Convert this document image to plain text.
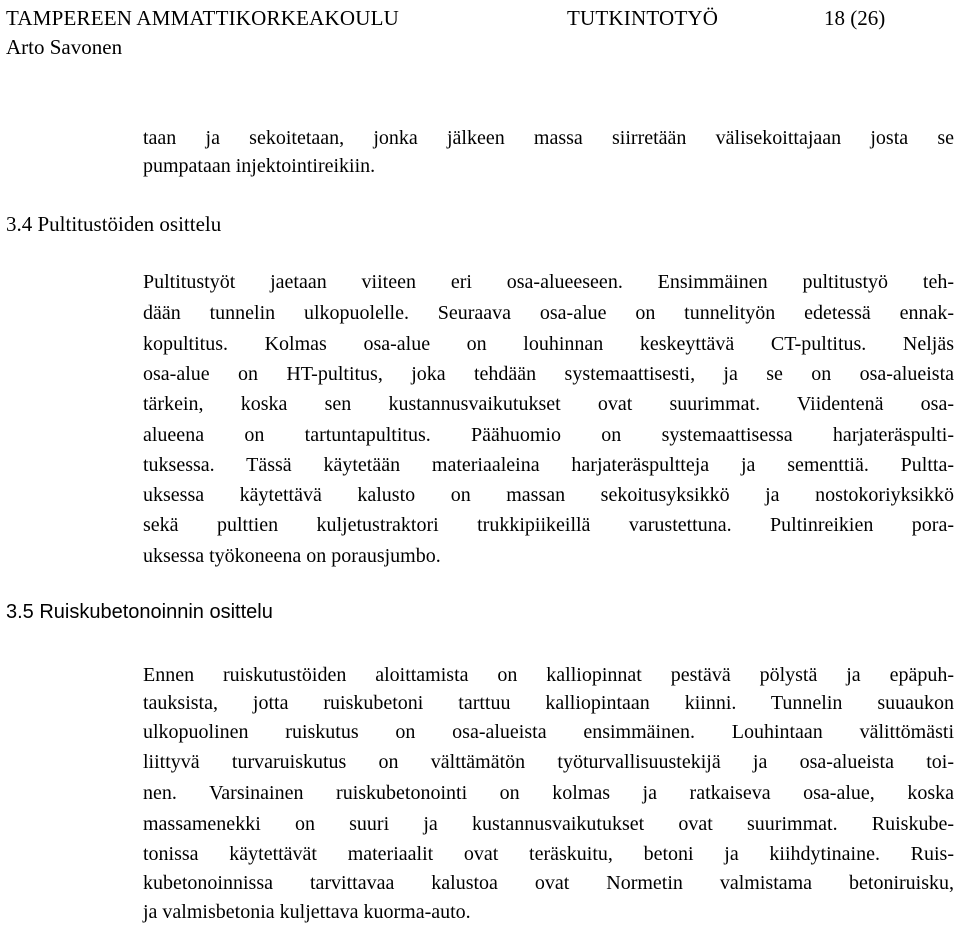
TAMPEREEN AMMATTIKORKEAKOULU	TUTKINTOTYÖ	18 (26)
Arto Savonen
taan ja sekoitetaan, jonka jälkeen massa siirretään välisekoittajaan josta se
pumpataan injektointireikiin.
3.4 Pultitustöiden osittelu
Pultitustyöt jaetaan viiteen eri osa-alueeseen. Ensimmäinen pultitustyö teh-
dään tunnelin ulkopuolelle. Seuraava osa-alue on tunnelityön edetessä ennak-
kopultitus. Kolmas osa-alue on louhinnan keskeyttävä CT-pultitus. Neljäs
osa-alue on HT-pultitus, joka tehdään systemaattisesti, ja se on osa-alueista
tärkein, koska sen kustannusvaikutukset ovat suurimmat. Viidentenä osa-
alueena on tartuntapultitus. Päähuomio on systemaattisessa harjateräspulti-
tuksessa. Tässä käytetään materiaaleina harjateräspultteja ja sementtiä. Pultta-
uksessa käytettävä kalusto on massan sekoitusyksikkö ja nostokoriyksikkö
sekä pulttien kuljetustraktori trukkipiikeillä varustettuna. Pultinreikien pora-
uksessa työkoneena on porausjumbo.
3.5 Ruiskubetonoinnin osittelu
Ennen ruiskutustöiden aloittamista on kalliopinnat pestävä pölystä ja epäpuh-
tauksista, jotta ruiskubetoni tarttuu kalliopintaan kiinni. Tunnelin suuaukon
ulkopuolinen ruiskutus on osa-alueista ensimmäinen. Louhintaan välittömästi
liittyvä turvaruiskutus on välttämätön työturvallisuustekijä ja osa-alueista toi-
nen. Varsinainen ruiskubetonointi on kolmas ja ratkaiseva osa-alue, koska
massamenekki on suuri ja kustannusvaikutukset ovat suurimmat. Ruiskube-
tonissa käytettävät materiaalit ovat teräskuitu, betoni ja kiihdytinaine. Ruis-
kubetonoinnissa tarvittavaa kalustoa ovat Normetin valmistama betoniruisku,
ja valmisbetonia kuljettava kuorma-auto.
